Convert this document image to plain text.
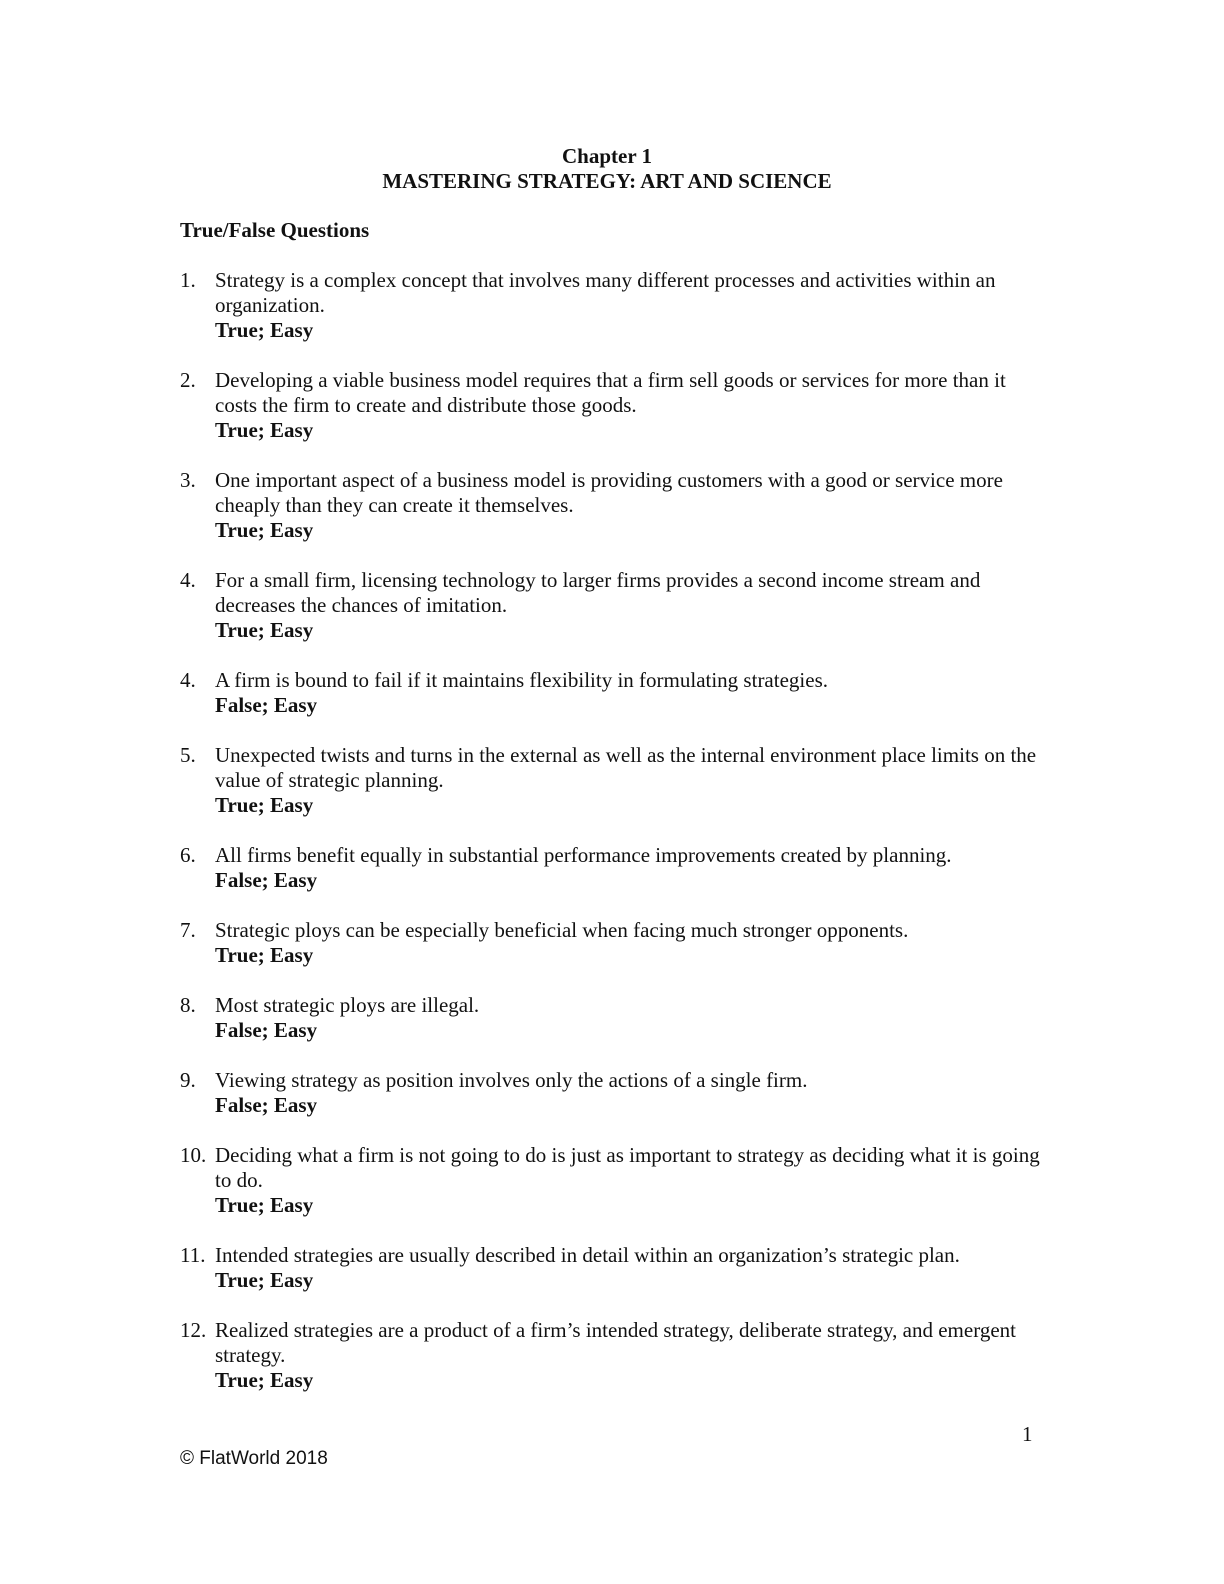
Chapter 1
MASTERING STRATEGY: ART AND SCIENCE
True/False Questions
1. Strategy is a complex concept that involves many different processes and activities within an organization.
True; Easy
2. Developing a viable business model requires that a firm sell goods or services for more than it costs the firm to create and distribute those goods.
True; Easy
3. One important aspect of a business model is providing customers with a good or service more cheaply than they can create it themselves.
True; Easy
4. For a small firm, licensing technology to larger firms provides a second income stream and decreases the chances of imitation.
True; Easy
4. A firm is bound to fail if it maintains flexibility in formulating strategies.
False; Easy
5. Unexpected twists and turns in the external as well as the internal environment place limits on the value of strategic planning.
True; Easy
6. All firms benefit equally in substantial performance improvements created by planning.
False; Easy
7. Strategic ploys can be especially beneficial when facing much stronger opponents.
True; Easy
8. Most strategic ploys are illegal.
False; Easy
9. Viewing strategy as position involves only the actions of a single firm.
False; Easy
10. Deciding what a firm is not going to do is just as important to strategy as deciding what it is going to do.
True; Easy
11. Intended strategies are usually described in detail within an organization’s strategic plan.
True; Easy
12. Realized strategies are a product of a firm’s intended strategy, deliberate strategy, and emergent strategy.
True; Easy
1
© FlatWorld 2018
